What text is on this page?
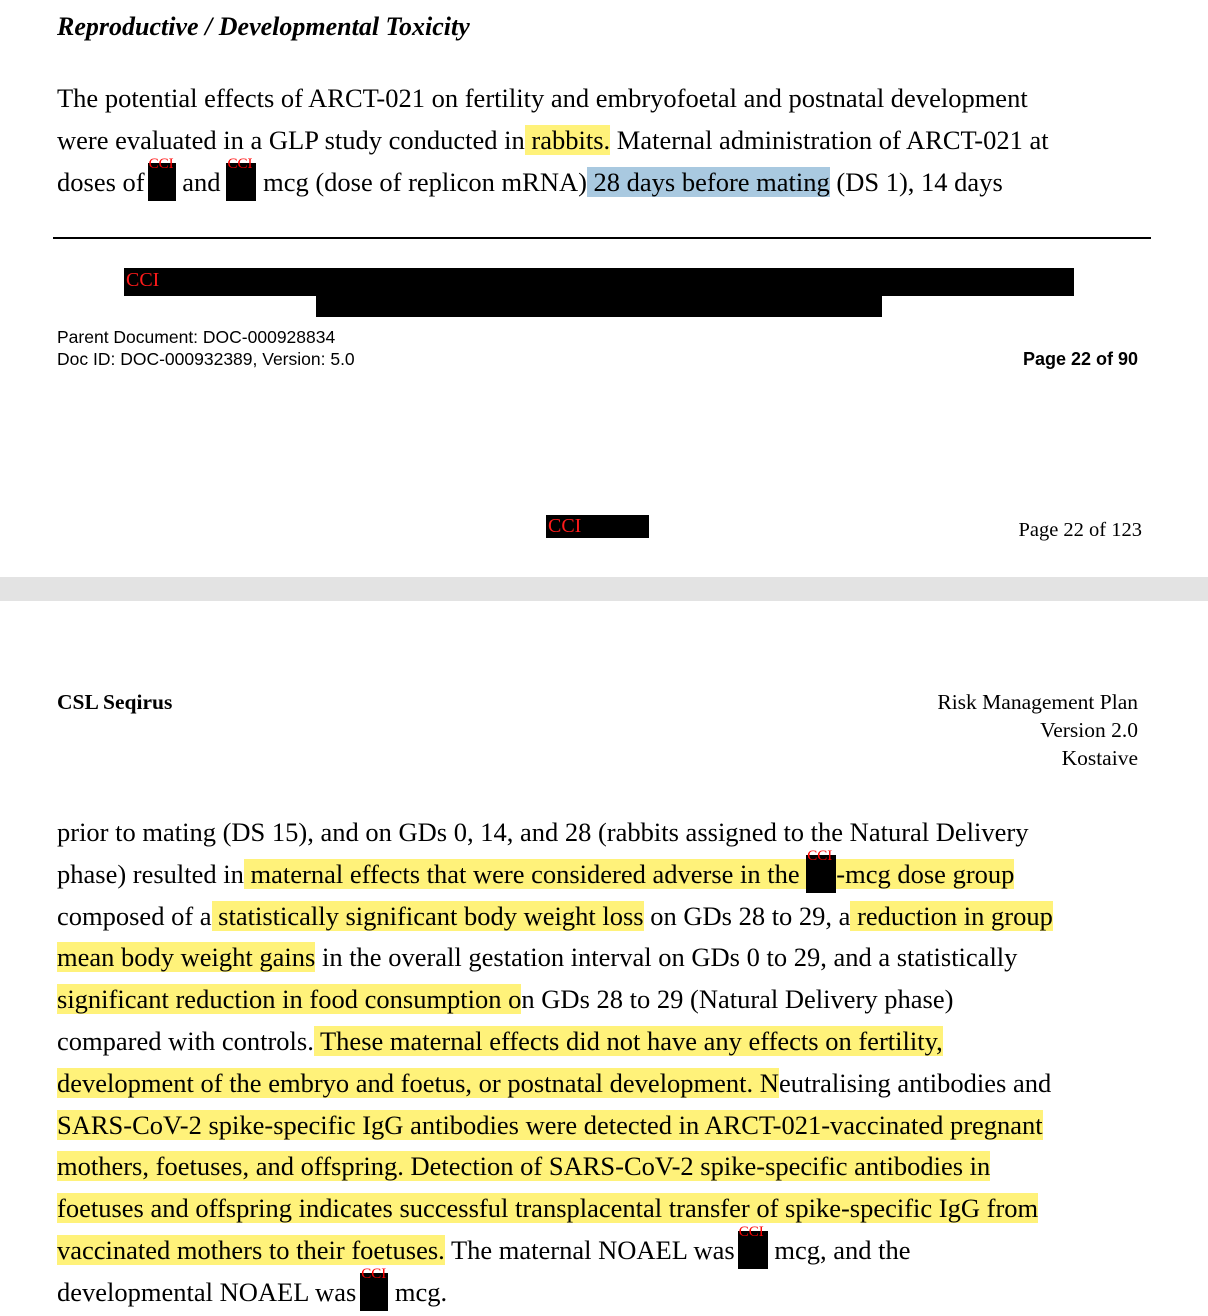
Reproductive / Developmental Toxicity
The potential effects of ARCT-021 on fertility and embryofoetal and postnatal development
were evaluated in a GLP study conducted in rabbits. Maternal administration of ARCT-021 at
doses of
CCI
and
CCI
mcg (dose of replicon mRNA) 28 days before mating (DS 1), 14 days
CCI
Parent Document: DOC-000928834
Doc ID: DOC-000932389, Version: 5.0	Page 22 of 90
CCI	Page 22 of 123
CSL Seqirus	Risk Management Plan
Version 2.0
Kostaive
prior to mating (DS 15), and on GDs 0, 14, and 28 (rabbits assigned to the Natural Delivery
phase) resulted in maternal effects that were considered adverse in the
CCI
-mcg dose group
composed of a statistically significant body weight loss on GDs 28 to 29, a reduction in group
mean body weight gains in the overall gestation interval on GDs 0 to 29, and a statistically
significant reduction in food consumption on GDs 28 to 29 (Natural Delivery phase)
compared with controls. These maternal effects did not have any effects on fertility,
development of the embryo and foetus, or postnatal development. Neutralising antibodies and
SARS-CoV-2 spike-specific IgG antibodies were detected in ARCT-021-vaccinated pregnant
mothers, foetuses, and offspring. Detection of SARS-CoV-2 spike-specific antibodies in
foetuses and offspring indicates successful transplacental transfer of spike-specific IgG from
vaccinated mothers to their foetuses. The maternal NOAEL was
CCI
mcg, and the
developmental NOAEL was
CCI
mcg.
